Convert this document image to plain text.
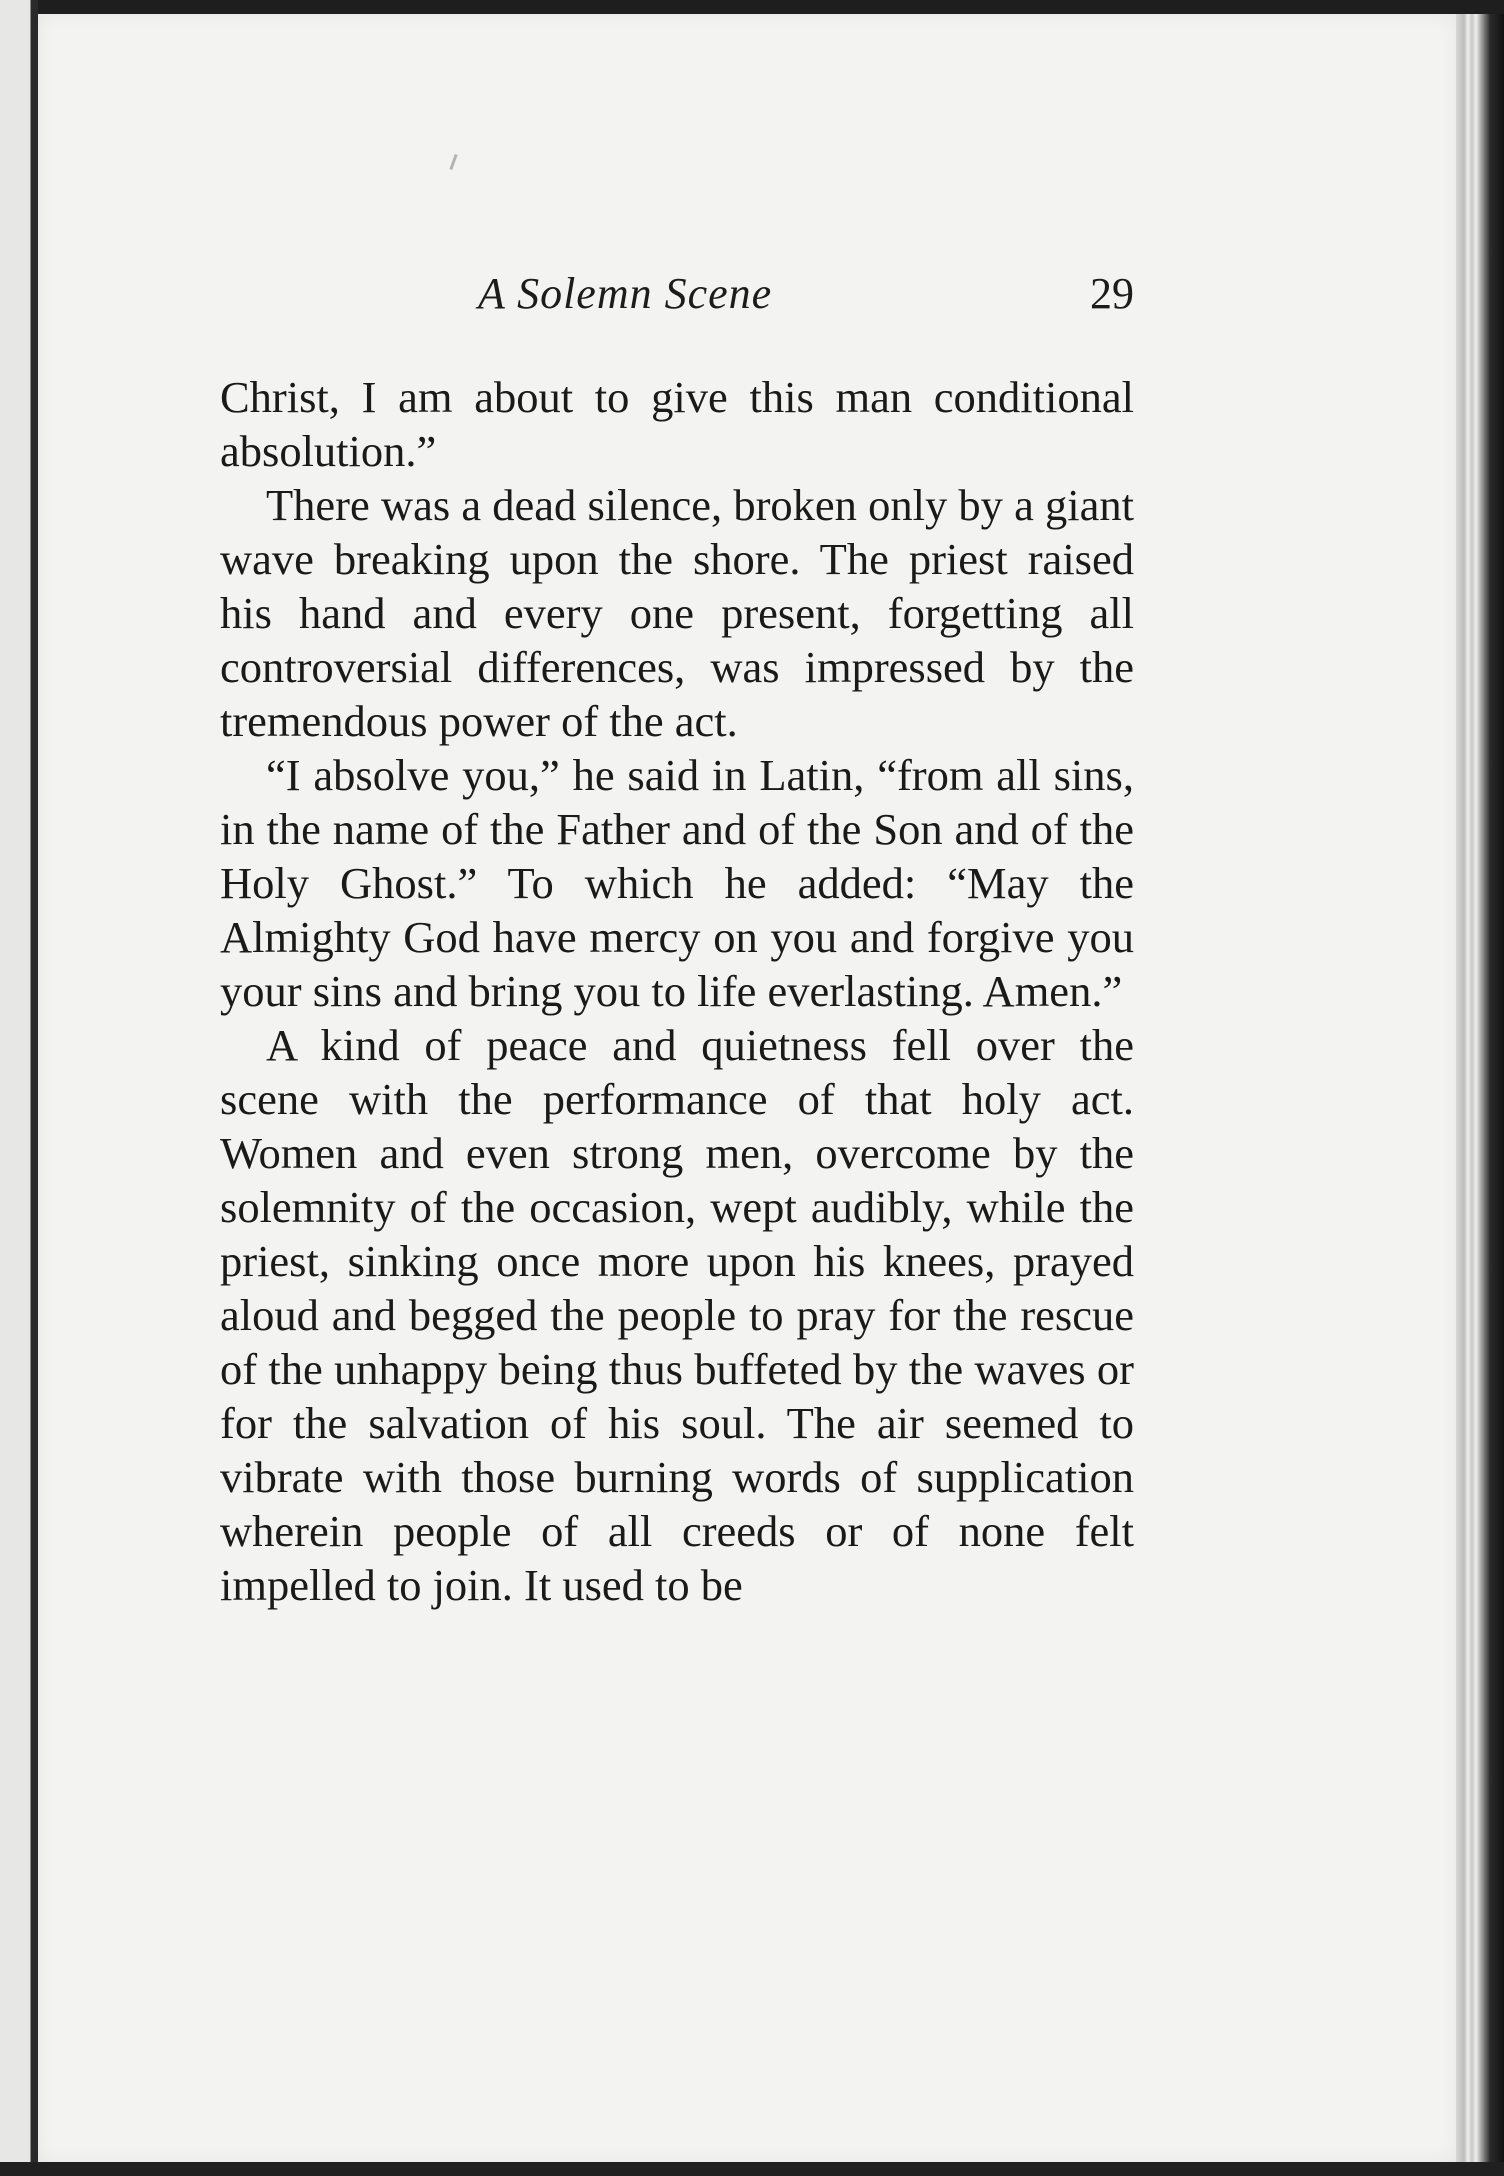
A Solemn Scene	29

Christ, I am about to give this man conditional absolution.”

There was a dead silence, broken only by a giant wave breaking upon the shore. The priest raised his hand and every one present, forgetting all controversial differences, was impressed by the tremendous power of the act.

“I absolve you,” he said in Latin, “from all sins, in the name of the Father and of the Son and of the Holy Ghost.” To which he added: “May the Almighty God have mercy on you and forgive you your sins and bring you to life everlasting. Amen.”

A kind of peace and quietness fell over the scene with the performance of that holy act. Women and even strong men, overcome by the solemnity of the occasion, wept audibly, while the priest, sinking once more upon his knees, prayed aloud and begged the people to pray for the rescue of the unhappy being thus buffeted by the waves or for the salvation of his soul. The air seemed to vibrate with those burning words of supplication wherein people of all creeds or of none felt impelled to join. It used to be
